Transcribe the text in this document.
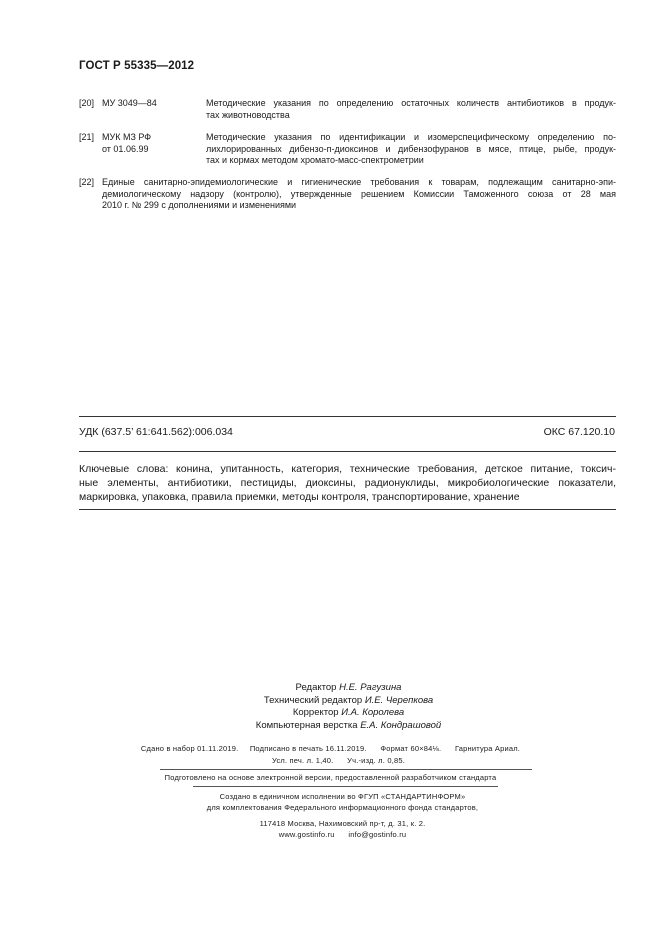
ГОСТ Р 55335—2012
[20] МУ 3049—84	Методические указания по определению остаточных количеств антибиотиков в продук-
тах животноводства
[21] МУК МЗ РФ
от 01.06.99
Методические указания по идентификации и изомерспецифическому определению по-
лихлорированных дибензо-п-диоксинов и дибензофуранов в мясе, птице, рыбе, продук-
тах и кормах методом хромато-масс-спектрометрии
[22] Единые санитарно-эпидемиологические и гигиенические требования к товарам, подлежащим санитарно-эпи-
демиологическому надзору (контролю), утвержденные решением Комиссии Таможенного союза от 28 мая
2010 г. № 299 с дополнениями и изменениями
УДК (637.5’ 61:641.562):006.034	ОКС 67.120.10
Ключевые слова: конина, упитанность, категория, технические требования, детское питание, токсич-
ные элементы, антибиотики, пестициды, диоксины, радионуклиды, микробиологические показатели,
маркировка, упаковка, правила приемки, методы контроля, транспортирование, хранение
Редактор Н.Е. Рагузина
Технический редактор И.Е. Черепкова
Корректор И.А. Королева
Компьютерная верстка Е.А. Кондрашовой
Сдано в набор 01.11.2019.     Подписано в печать 16.11.2019.      Формат 60×84⅛.      Гарнитура Ариал.
Усл. печ. л. 1,40.      Уч.-изд. л. 0,85.
Подготовлено на основе электронной версии, предоставленной разработчиком стандарта
Создано в единичном исполнении во ФГУП «СТАНДАРТИНФОРМ»
для комплектования Федерального информационного фонда стандартов,
117418 Москва, Нахимовский пр-т, д. 31, к. 2.
www.gostinfo.ru      info@gostinfo.ru
